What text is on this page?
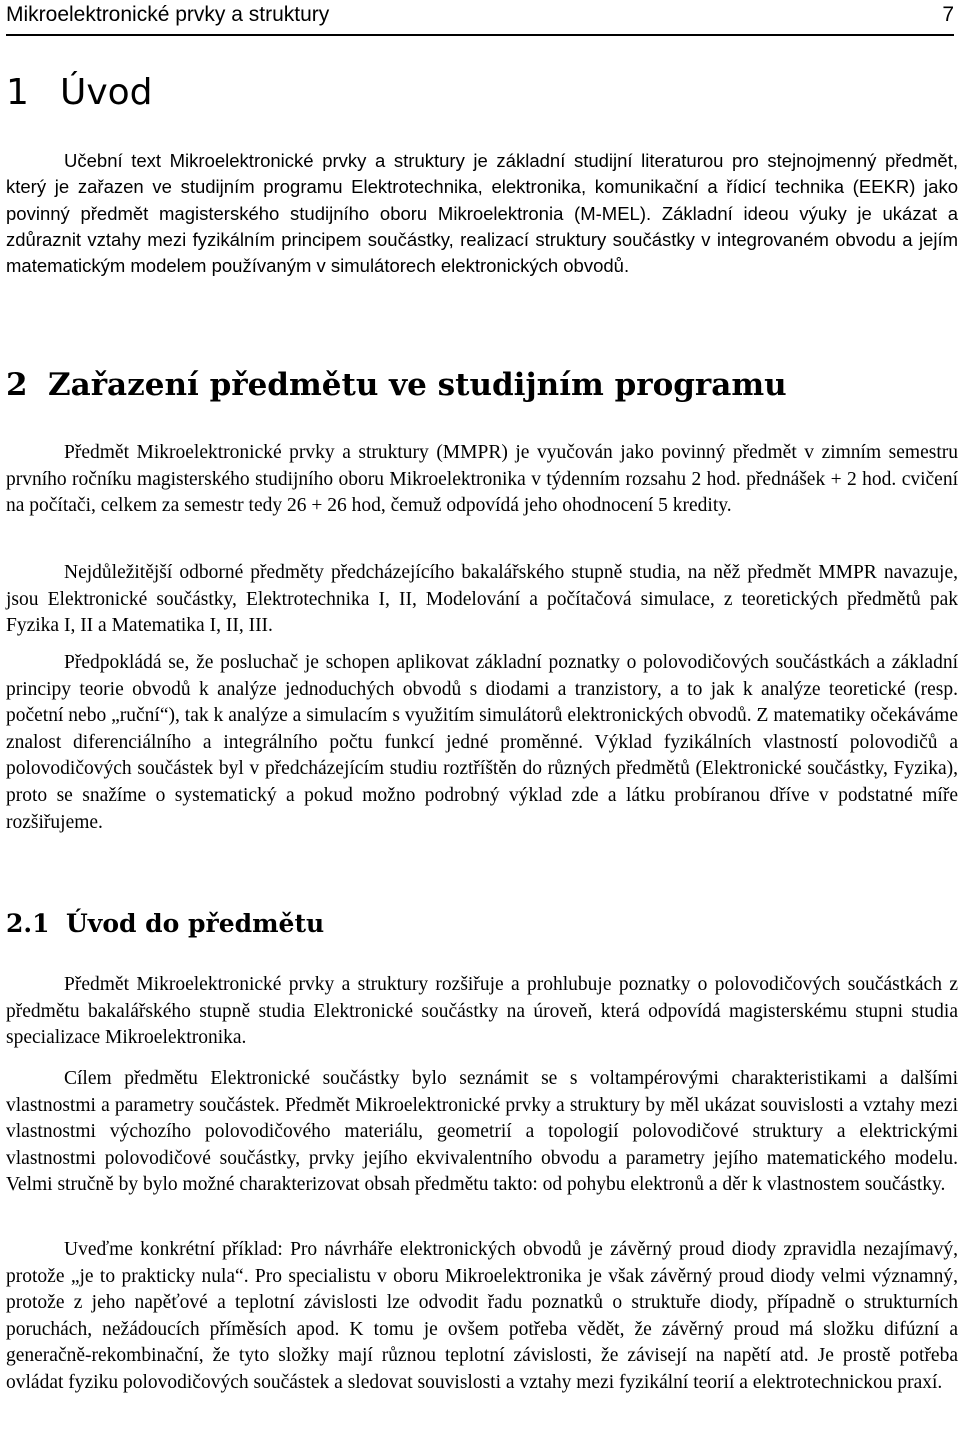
Mikroelektronické prvky a struktury	7
1 Úvod

Učební text Mikroelektronické prvky a struktury je základní studijní literaturou pro stejnojmenný předmět, který je zařazen ve studijním programu Elektrotechnika, elektronika, komunikační a řídicí technika (EEKR) jako povinný předmět magisterského studijního oboru Mikroelektronia (M-MEL). Základní ideou výuky je ukázat a zdůraznit vztahy mezi fyzikálním principem součástky, realizací struktury součástky v integrovaném obvodu a jejím matematickým modelem používaným v simulátorech elektronických obvodů.

2 Zařazení předmětu ve studijním programu

Předmět Mikroelektronické prvky a struktury (MMPR) je vyučován jako povinný předmět v zimním semestru prvního ročníku magisterského studijního oboru Mikroelektronika v týdenním rozsahu 2 hod. přednášek + 2 hod. cvičení na počítači, celkem za semestr tedy 26 + 26 hod, čemuž odpovídá jeho ohodnocení 5 kredity.

Nejdůležitější odborné předměty předcházejícího bakalářského stupně studia, na něž předmět MMPR navazuje, jsou Elektronické součástky, Elektrotechnika I, II, Modelování a počítačová simulace, z teoretických předmětů pak Fyzika I, II a Matematika I, II, III.

Předpokládá se, že posluchač je schopen aplikovat základní poznatky o polovodičových součástkách a základní principy teorie obvodů k analýze jednoduchých obvodů s diodami a tranzistory, a to jak k analýze teoretické (resp. početní nebo „ruční“), tak k analýze a simulacím s využitím simulátorů elektronických obvodů. Z matematiky očekáváme znalost diferenciálního a integrálního počtu funkcí jedné proměnné. Výklad fyzikálních vlastností polovodičů a polovodičových součástek byl v předcházejícím studiu roztříštěn do různých předmětů (Elektronické součástky, Fyzika), proto se snažíme o systematický a pokud možno podrobný výklad zde a látku probíranou dříve v podstatné míře rozšiřujeme.

2.1 Úvod do předmětu

Předmět Mikroelektronické prvky a struktury rozšiřuje a prohlubuje poznatky o polovodičových součástkách z předmětu bakalářského stupně studia Elektronické součástky na úroveň, která odpovídá magisterskému stupni studia specializace Mikroelektronika.

Cílem předmětu Elektronické součástky bylo seznámit se s voltampérovými charakteristikami a dalšími vlastnostmi a parametry součástek. Předmět Mikroelektronické prvky a struktury by měl ukázat souvislosti a vztahy mezi vlastnostmi výchozího polovodičového materiálu, geometrií a topologií polovodičové struktury a elektrickými vlastnostmi polovodičové součástky, prvky jejího ekvivalentního obvodu a parametry jejího matematického modelu. Velmi stručně by bylo možné charakterizovat obsah předmětu takto: od pohybu elektronů a děr k vlastnostem součástky.

Uveďme konkrétní příklad: Pro návrháře elektronických obvodů je závěrný proud diody zpravidla nezajímavý, protože „je to prakticky nula“. Pro specialistu v oboru Mikroelektronika je však závěrný proud diody velmi významný, protože z jeho napěťové a teplotní závislosti lze odvodit řadu poznatků o struktuře diody, případně o strukturních poruchách, nežádoucích příměsích apod. K tomu je ovšem potřeba vědět, že závěrný proud má složku difúzní a generačně-rekombinační, že tyto složky mají různou teplotní závislosti, že závisejí na napětí atd. Je prostě potřeba ovládat fyziku polovodičových součástek a sledovat souvislosti a vztahy mezi fyzikální teorií a elektrotechnickou praxí.
